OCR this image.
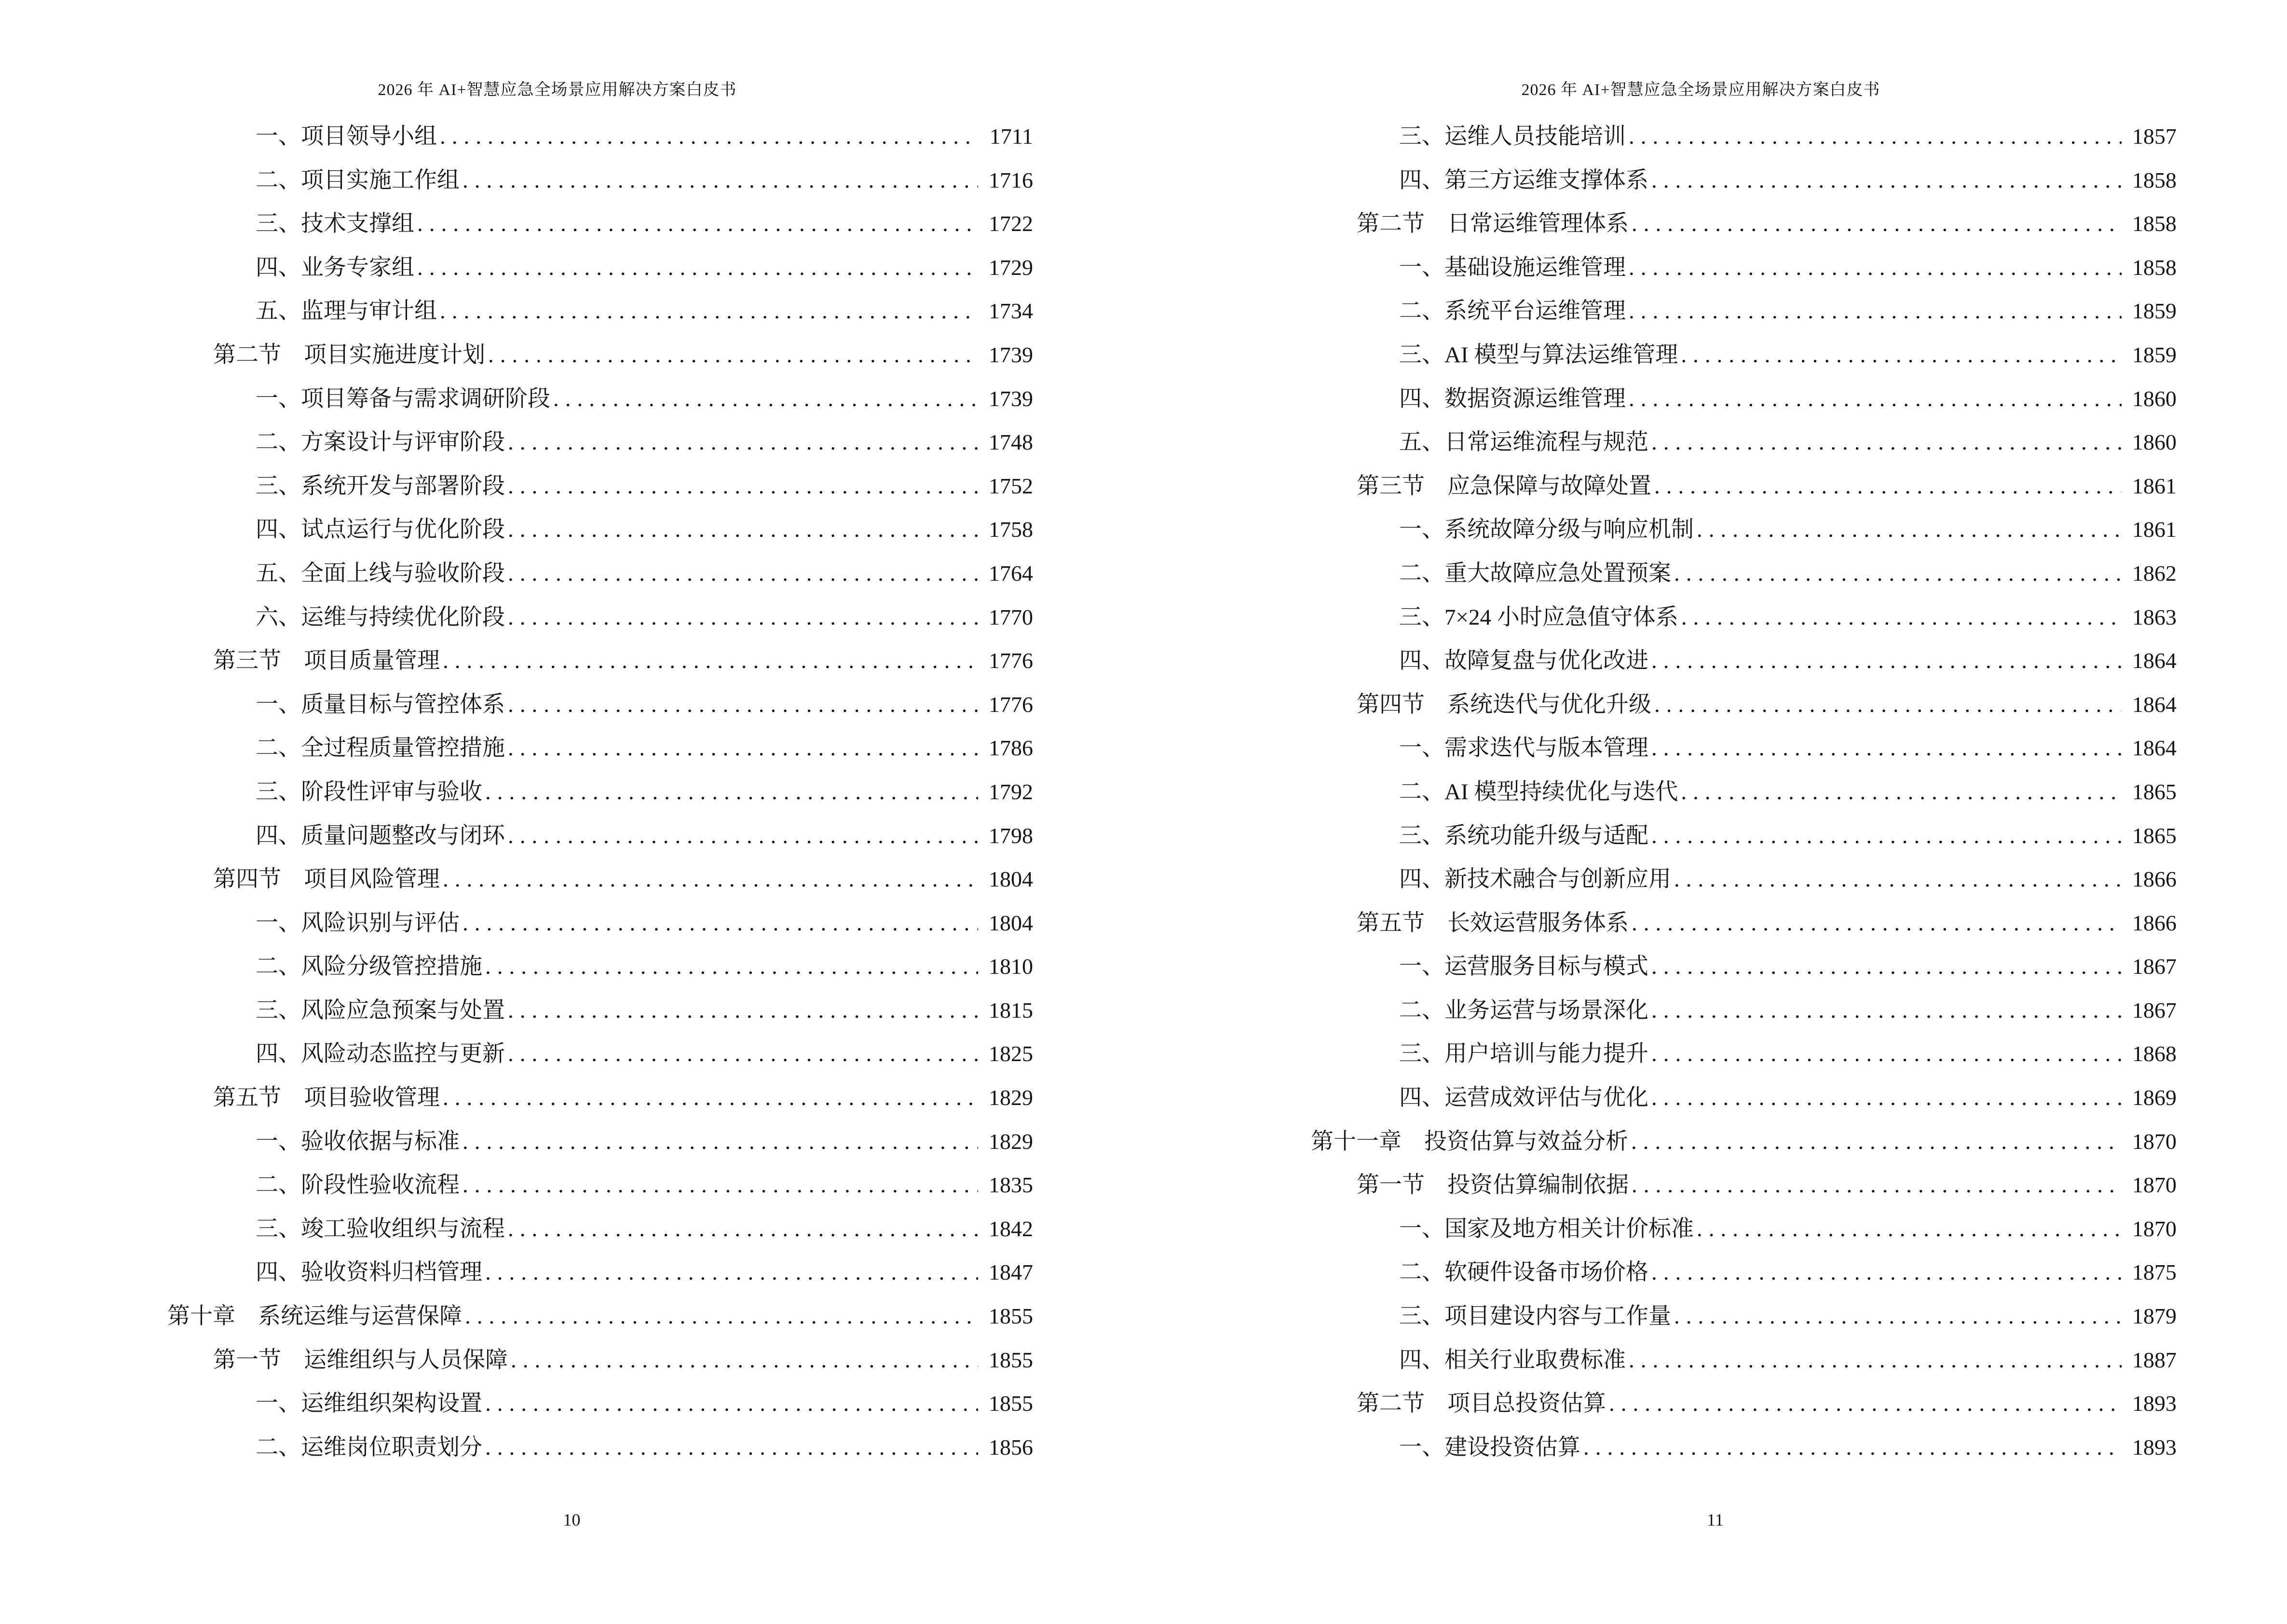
2026 年 AI+智慧应急全场景应用解决方案白皮书
一、项目领导小组 .....	1711
二、项目实施工作组 .....	1716
三、技术支撑组 .....	1722
四、业务专家组 .....	1729
五、监理与审计组 .....	1734
第二节　项目实施进度计划 .....	1739
一、项目筹备与需求调研阶段 .....	1739
二、方案设计与评审阶段 .....	1748
三、系统开发与部署阶段 .....	1752
四、试点运行与优化阶段 .....	1758
五、全面上线与验收阶段 .....	1764
六、运维与持续优化阶段 .....	1770
第三节　项目质量管理 .....	1776
一、质量目标与管控体系 .....	1776
二、全过程质量管控措施 .....	1786
三、阶段性评审与验收 .....	1792
四、质量问题整改与闭环 .....	1798
第四节　项目风险管理 .....	1804
一、风险识别与评估 .....	1804
二、风险分级管控措施 .....	1810
三、风险应急预案与处置 .....	1815
四、风险动态监控与更新 .....	1825
第五节　项目验收管理 .....	1829
一、验收依据与标准 .....	1829
二、阶段性验收流程 .....	1835
三、竣工验收组织与流程 .....	1842
四、验收资料归档管理 .....	1847
第十章　系统运维与运营保障 .....	1855
第一节　运维组织与人员保障 .....	1855
一、运维组织架构设置 .....	1855
二、运维岗位职责划分 .....	1856
10
2026 年 AI+智慧应急全场景应用解决方案白皮书
三、运维人员技能培训 .....	1857
四、第三方运维支撑体系 .....	1858
第二节　日常运维管理体系 .....	1858
一、基础设施运维管理 .....	1858
二、系统平台运维管理 .....	1859
三、AI 模型与算法运维管理 .....	1859
四、数据资源运维管理 .....	1860
五、日常运维流程与规范 .....	1860
第三节　应急保障与故障处置 .....	1861
一、系统故障分级与响应机制 .....	1861
二、重大故障应急处置预案 .....	1862
三、7×24 小时应急值守体系 .....	1863
四、故障复盘与优化改进 .....	1864
第四节　系统迭代与优化升级 .....	1864
一、需求迭代与版本管理 .....	1864
二、AI 模型持续优化与迭代 .....	1865
三、系统功能升级与适配 .....	1865
四、新技术融合与创新应用 .....	1866
第五节　长效运营服务体系 .....	1866
一、运营服务目标与模式 .....	1867
二、业务运营与场景深化 .....	1867
三、用户培训与能力提升 .....	1868
四、运营成效评估与优化 .....	1869
第十一章　投资估算与效益分析 .....	1870
第一节　投资估算编制依据 .....	1870
一、国家及地方相关计价标准 .....	1870
二、软硬件设备市场价格 .....	1875
三、项目建设内容与工作量 .....	1879
四、相关行业取费标准 .....	1887
第二节　项目总投资估算 .....	1893
一、建设投资估算 .....	1893
11
